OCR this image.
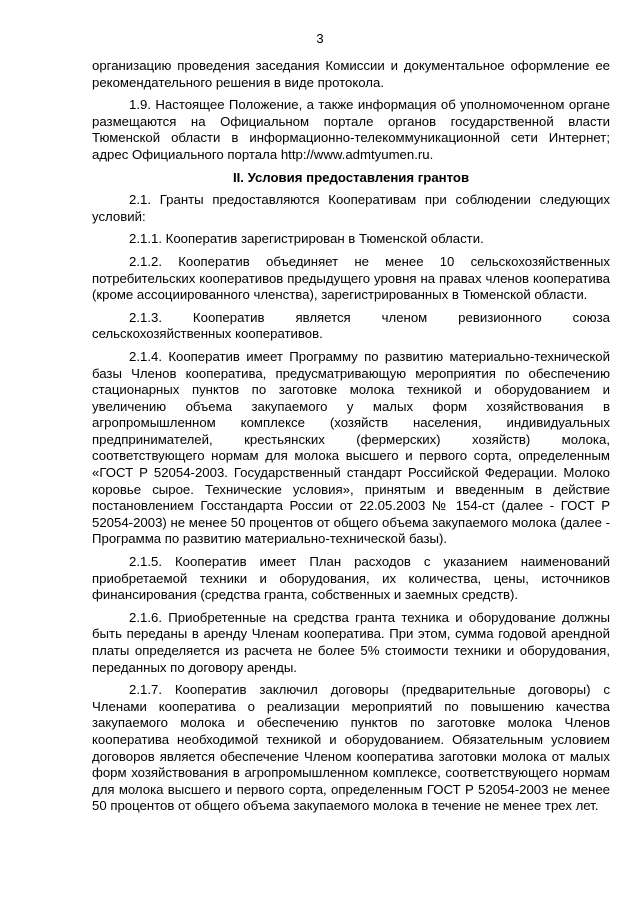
3

организацию проведения заседания Комиссии и документальное оформление ее рекомендательного решения в виде протокола.

1.9. Настоящее Положение, а также информация об уполномоченном органе размещаются на Официальном портале органов государственной власти Тюменской области в информационно-телекоммуникационной сети Интернет; адрес Официального портала http://www.admtyumen.ru.

II. Условия предоставления грантов

2.1. Гранты предоставляются Кооперативам при соблюдении следующих условий:

2.1.1. Кооператив зарегистрирован в Тюменской области.

2.1.2. Кооператив объединяет не менее 10 сельскохозяйственных потребительских кооперативов предыдущего уровня на правах членов кооператива (кроме ассоциированного членства), зарегистрированных в Тюменской области.

2.1.3. Кооператив является членом ревизионного союза сельскохозяйственных кооперативов.

2.1.4. Кооператив имеет Программу по развитию материально-технической базы Членов кооператива, предусматривающую мероприятия по обеспечению стационарных пунктов по заготовке молока техникой и оборудованием и увеличению объема закупаемого у малых форм хозяйствования в агропромышленном комплексе (хозяйств населения, индивидуальных предпринимателей, крестьянских (фермерских) хозяйств) молока, соответствующего нормам для молока высшего и первого сорта, определенным «ГОСТ Р 52054-2003. Государственный стандарт Российской Федерации. Молоко коровье сырое. Технические условия», принятым и введенным в действие постановлением Госстандарта России от 22.05.2003 № 154-ст (далее - ГОСТ Р 52054-2003) не менее 50 процентов от общего объема закупаемого молока (далее - Программа по развитию материально-технической базы).

2.1.5. Кооператив имеет План расходов с указанием наименований приобретаемой техники и оборудования, их количества, цены, источников финансирования (средства гранта, собственных и заемных средств).

2.1.6. Приобретенные на средства гранта техника и оборудование должны быть переданы в аренду Членам кооператива. При этом, сумма годовой арендной платы определяется из расчета не более 5% стоимости техники и оборудования, переданных по договору аренды.

2.1.7. Кооператив заключил договоры (предварительные договоры) с Членами кооператива о реализации мероприятий по повышению качества закупаемого молока и обеспечению пунктов по заготовке молока Членов кооператива необходимой техникой и оборудованием. Обязательным условием договоров является обеспечение Членом кооператива заготовки молока от малых форм хозяйствования в агропромышленном комплексе, соответствующего нормам для молока высшего и первого сорта, определенным ГОСТ Р 52054-2003 не менее 50 процентов от общего объема закупаемого молока в течение не менее трех лет.
